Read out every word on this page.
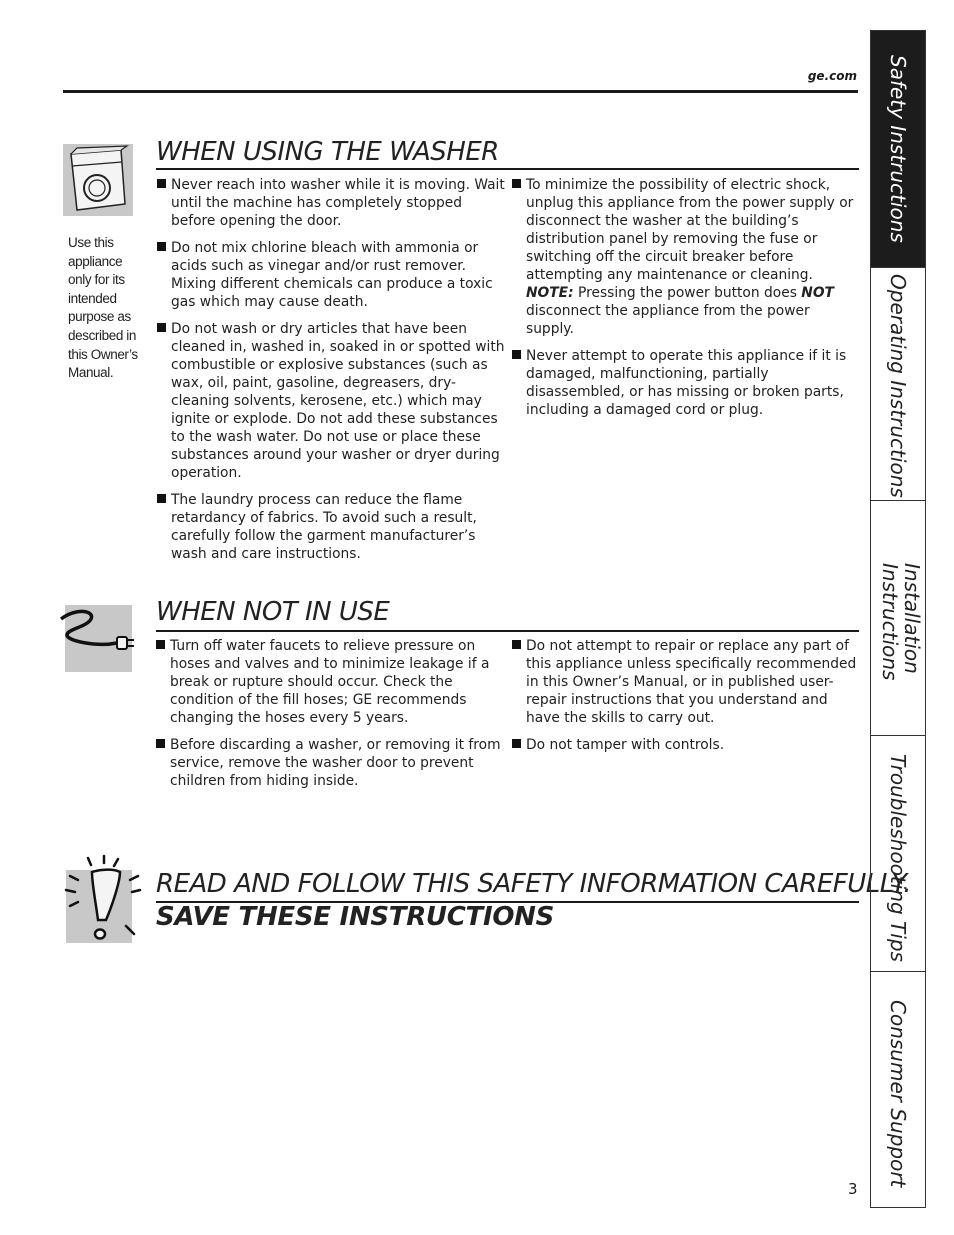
ge.com
Use this appliance only for its intended purpose as described in this Owner’s Manual.
WHEN USING THE WASHER
Never reach into washer while it is moving. Wait until the machine has completely stopped before opening the door.
Do not mix chlorine bleach with ammonia or acids such as vinegar and/or rust remover. Mixing different chemicals can produce a toxic gas which may cause death.
Do not wash or dry articles that have been cleaned in, washed in, soaked in or spotted with combustible or explosive substances (such as wax, oil, paint, gasoline, degreasers, dry-cleaning solvents, kerosene, etc.) which may ignite or explode. Do not add these substances to the wash water. Do not use or place these substances around your washer or dryer during operation.
The laundry process can reduce the flame retardancy of fabrics. To avoid such a result, carefully follow the garment manufacturer’s wash and care instructions.
To minimize the possibility of electric shock, unplug this appliance from the power supply or disconnect the washer at the building’s distribution panel by removing the fuse or switching off the circuit breaker before attempting any maintenance or cleaning. NOTE: Pressing the power button does NOT disconnect the appliance from the power supply.
Never attempt to operate this appliance if it is damaged, malfunctioning, partially disassembled, or has missing or broken parts, including a damaged cord or plug.
WHEN NOT IN USE
Turn off water faucets to relieve pressure on hoses and valves and to minimize leakage if a break or rupture should occur. Check the condition of the fill hoses; GE recommends changing the hoses every 5 years.
Before discarding a washer, or removing it from service, remove the washer door to prevent children from hiding inside.
Do not attempt to repair or replace any part of this appliance unless specifically recommended in this Owner’s Manual, or in published user-repair instructions that you understand and have the skills to carry out.
Do not tamper with controls.
READ AND FOLLOW THIS SAFETY INFORMATION CAREFULLY.
SAVE THESE INSTRUCTIONS
3
Safety Instructions
Operating Instructions
Installation Instructions
Troubleshooting Tips
Consumer Support
